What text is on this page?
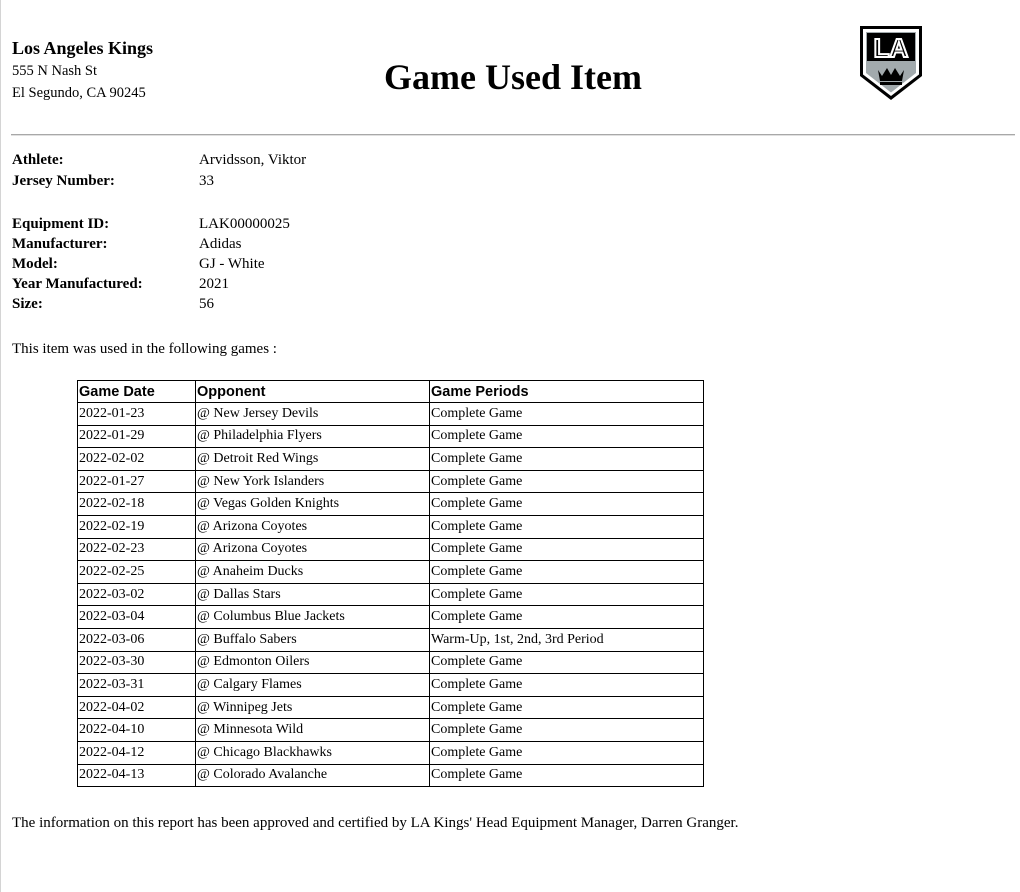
Los Angeles Kings
555 N Nash St
El Segundo, CA 90245	Game Used Item
LA
Athlete:	Arvidsson, Viktor
Jersey Number:	33
Equipment ID:	LAK00000025
Manufacturer:	Adidas
Model:	GJ - White
Year Manufactured:	2021
Size:	56
This item was used in the following games :
Game Date	Opponent	Game Periods
2022-01-23	@ New Jersey Devils	Complete Game
2022-01-29	@ Philadelphia Flyers	Complete Game
2022-02-02	@ Detroit Red Wings	Complete Game
2022-01-27	@ New York Islanders	Complete Game
2022-02-18	@ Vegas Golden Knights	Complete Game
2022-02-19	@ Arizona Coyotes	Complete Game
2022-02-23	@ Arizona Coyotes	Complete Game
2022-02-25	@ Anaheim Ducks	Complete Game
2022-03-02	@ Dallas Stars	Complete Game
2022-03-04	@ Columbus Blue Jackets	Complete Game
2022-03-06	@ Buffalo Sabers	Warm-Up, 1st, 2nd, 3rd Period
2022-03-30	@ Edmonton Oilers	Complete Game
2022-03-31	@ Calgary Flames	Complete Game
2022-04-02	@ Winnipeg Jets	Complete Game
2022-04-10	@ Minnesota Wild	Complete Game
2022-04-12	@ Chicago Blackhawks	Complete Game
2022-04-13	@ Colorado Avalanche	Complete Game
The information on this report has been approved and certified by LA Kings' Head Equipment Manager, Darren Granger.
